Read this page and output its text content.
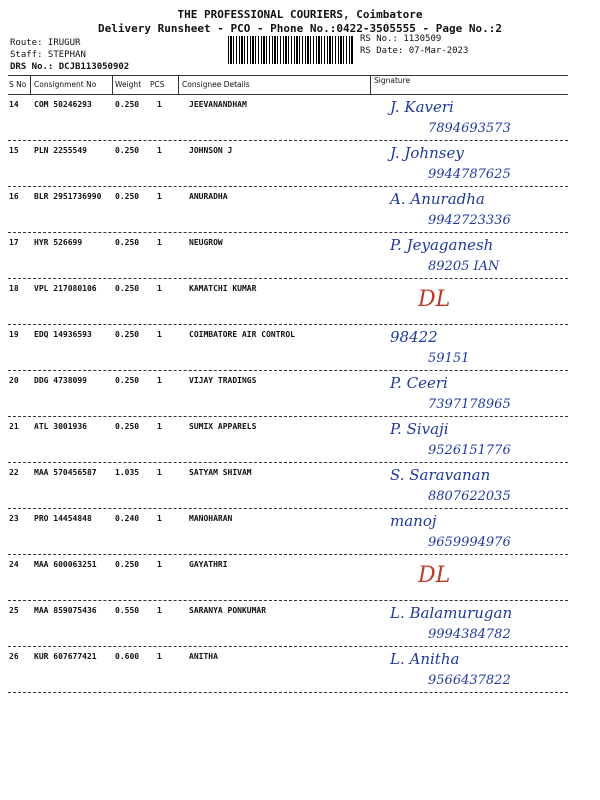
THE PROFESSIONAL COURIERS, Coimbatore
Delivery Runsheet - PCO - Phone No.:0422-3505555 - Page No.:2
Route: IRUGUR
Staff: STEPHAN
DRS No.: DCJB113050902
RS No.: 1130509
RS Date: 07-Mar-2023
S No Consignment No Weight PCS Consignee Details	Signature
14 COM 50246293	0.250 1	JEEVANANDHAM	J. Kaveri
7894693573
15 PLN 2255549	0.250 1	JOHNSON J	J. Johnsey
9944787625
16 BLR 2951736990 0.250 1	ANURADHA	A. Anuradha
9942723336
17 HYR 526699	0.250 1	NEUGROW	P. Jeyaganesh
89205 IAN
18 VPL 217080106 0.250 1	KAMATCHI KUMAR	DL
19 EDQ 14936593	0.250 1	COIMBATORE AIR CONTROL	98422
59151
20 DDG 4738099	0.250 1	VIJAY TRADINGS	P. Ceeri
7397178965
21 ATL 3001936	0.250 1	SUMIX APPARELS	P. Sivaji
9526151776
22 MAA 570456587 1.035 1	SATYAM SHIVAM	S. Saravanan
8807622035
23 PRO 14454848	0.240 1	MANOHARAN	manoj
9659994976
24 MAA 600063251 0.250 1	GAYATHRI	DL
25 MAA 859075436 0.550 1	SARANYA PONKUMAR	L. Balamurugan
9994384782
26 KUR 607677421 0.600 1	ANITHA	L. Anitha
9566437822
